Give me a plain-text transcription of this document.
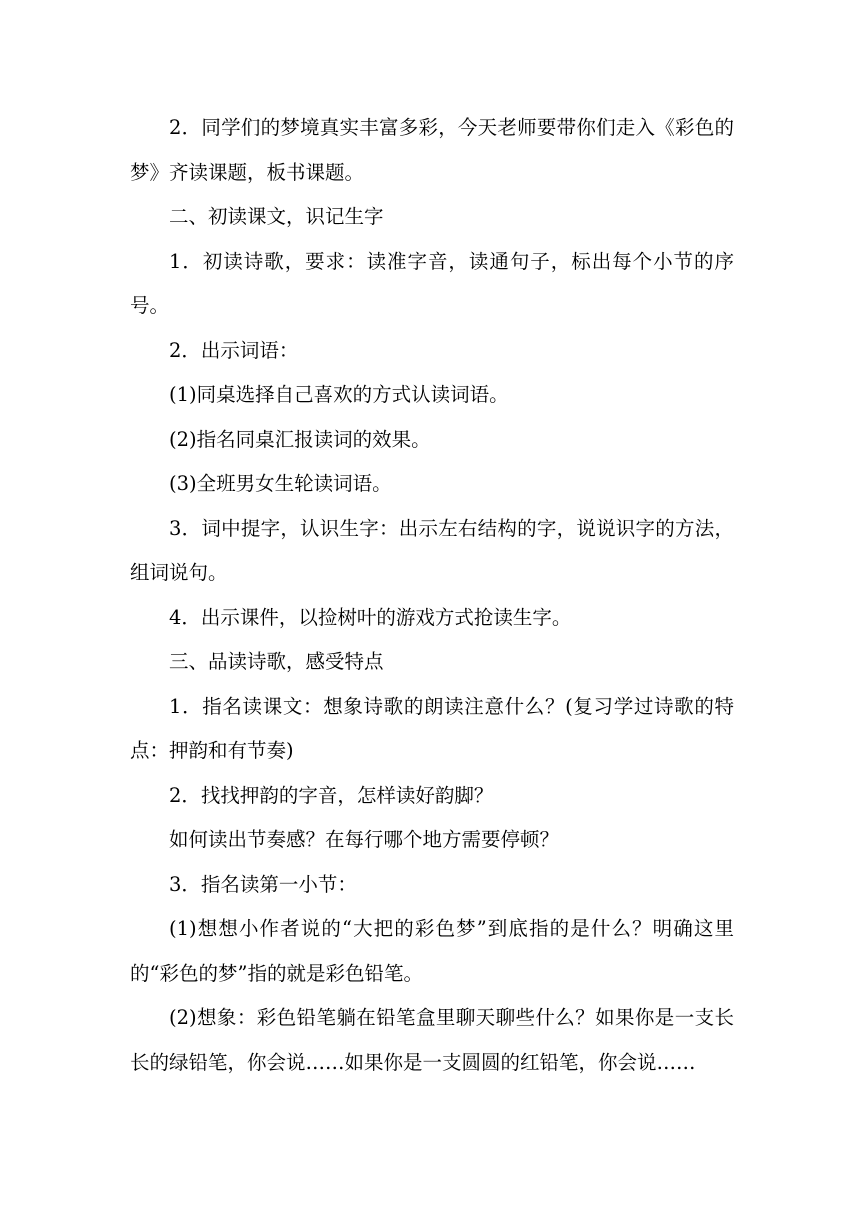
2．同学们的梦境真实丰富多彩，今天老师要带你们走入《彩色的梦》齐读课题，板书课题。

二、初读课文，识记生字

1．初读诗歌，要求：读准字音，读通句子，标出每个小节的序号。

2．出示词语：

(1)同桌选择自己喜欢的方式认读词语。

(2)指名同桌汇报读词的效果。

(3)全班男女生轮读词语。

3．词中提字，认识生字：出示左右结构的字，说说识字的方法，组词说句。

4．出示课件，以捡树叶的游戏方式抢读生字。

三、品读诗歌，感受特点

1．指名读课文：想象诗歌的朗读注意什么？(复习学过诗歌的特点：押韵和有节奏)

2．找找押韵的字音，怎样读好韵脚？

如何读出节奏感？在每行哪个地方需要停顿？

3．指名读第一小节：

(1)想想小作者说的“大把的彩色梦”到底指的是什么？明确这里的“彩色的梦”指的就是彩色铅笔。

(2)想象：彩色铅笔躺在铅笔盒里聊天聊些什么？如果你是一支长长的绿铅笔，你会说……如果你是一支圆圆的红铅笔，你会说……
